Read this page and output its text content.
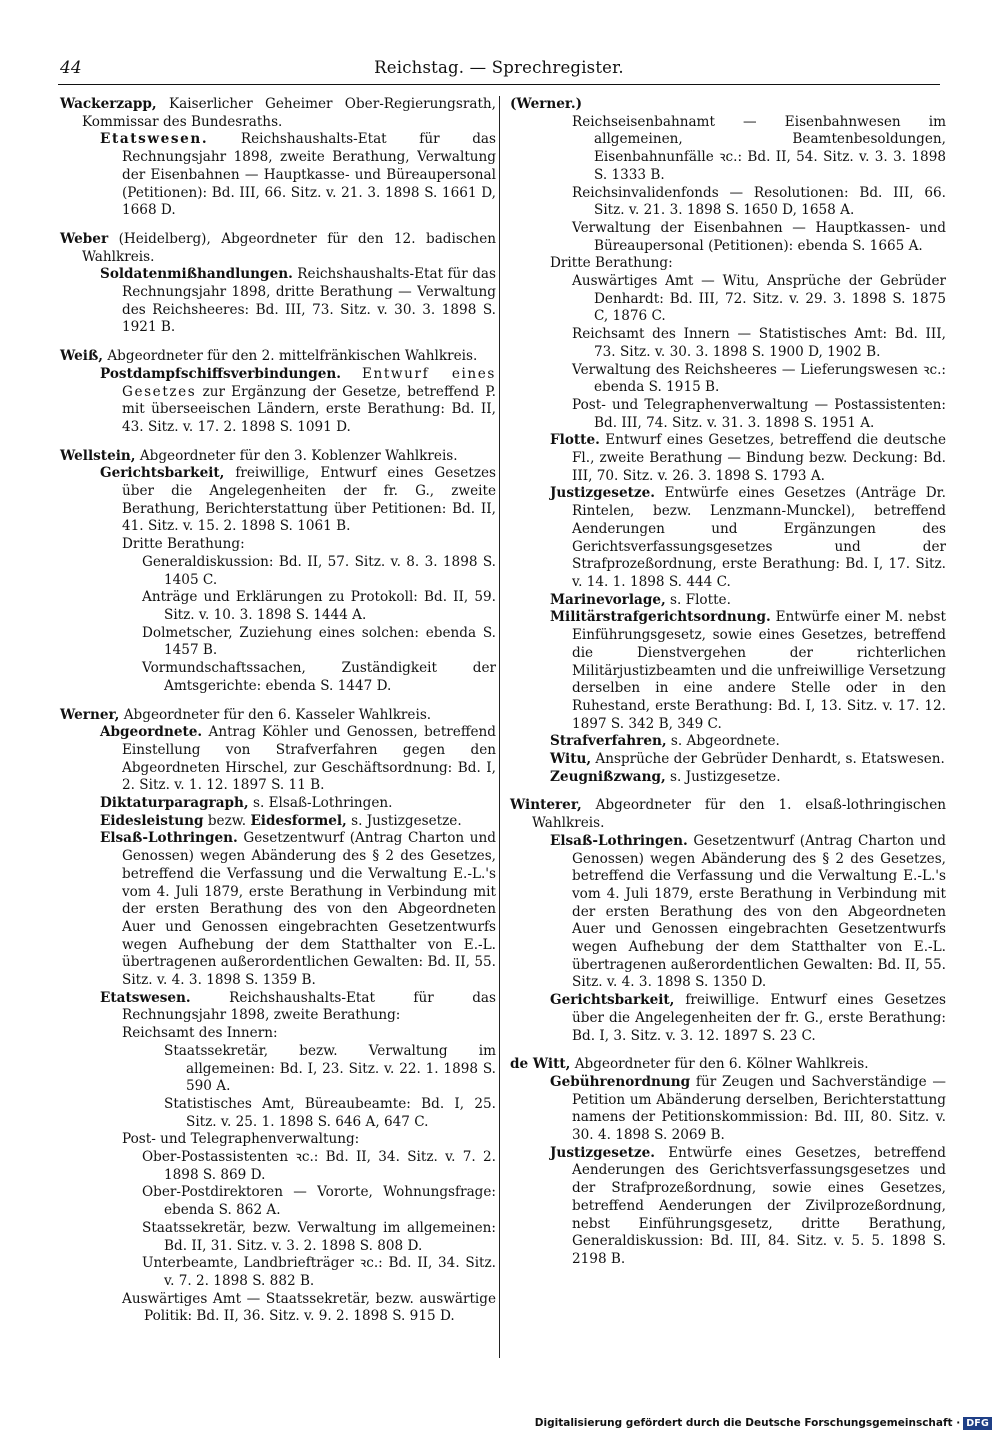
44	Reichstag. — Sprechregister.

Wackerzapp, Kaiserlicher Geheimer Ober-Regierungsrath, Kommissar des Bundesraths.

Etatswesen. Reichshaushalts-Etat für das Rechnungsjahr 1898, zweite Berathung, Verwaltung der Eisenbahnen — Hauptkasse- und Büreaupersonal (Petitionen): Bd. III, 66. Sitz. v. 21. 3. 1898 S. 1661 D, 1668 D.

Weber (Heidelberg), Abgeordneter für den 12. badischen Wahlkreis.

Soldatenmißhandlungen. Reichshaushalts-Etat für das Rechnungsjahr 1898, dritte Berathung — Verwaltung des Reichsheeres: Bd. III, 73. Sitz. v. 30. 3. 1898 S. 1921 B.

Weiß, Abgeordneter für den 2. mittelfränkischen Wahlkreis.

Postdampfschiffsverbindungen. Entwurf eines Gesetzes zur Ergänzung der Gesetze, betreffend P. mit überseeischen Ländern, erste Berathung: Bd. II, 43. Sitz. v. 17. 2. 1898 S. 1091 D.

Wellstein, Abgeordneter für den 3. Koblenzer Wahlkreis.

Gerichtsbarkeit, freiwillige, Entwurf eines Gesetzes über die Angelegenheiten der fr. G., zweite Berathung, Berichterstattung über Petitionen: Bd. II, 41. Sitz. v. 15. 2. 1898 S. 1061 B.

Dritte Berathung:

Generaldiskussion: Bd. II, 57. Sitz. v. 8. 3. 1898 S. 1405 C.

Anträge und Erklärungen zu Protokoll: Bd. II, 59. Sitz. v. 10. 3. 1898 S. 1444 A.

Dolmetscher, Zuziehung eines solchen: ebenda S. 1457 B.

Vormundschaftssachen, Zuständigkeit der Amtsgerichte: ebenda S. 1447 D.

Werner, Abgeordneter für den 6. Kasseler Wahlkreis.

Abgeordnete. Antrag Köhler und Genossen, betreffend Einstellung von Strafverfahren gegen den Abgeordneten Hirschel, zur Geschäftsordnung: Bd. I, 2. Sitz. v. 1. 12. 1897 S. 11 B.

Diktaturparagraph, s. Elsaß-Lothringen.

Eidesleistung bezw. Eidesformel, s. Justizgesetze.

Elsaß-Lothringen. Gesetzentwurf (Antrag Charton und Genossen) wegen Abänderung des § 2 des Gesetzes, betreffend die Verfassung und die Verwaltung E.-L.'s vom 4. Juli 1879, erste Berathung in Verbindung mit der ersten Berathung des von den Abgeordneten Auer und Genossen eingebrachten Gesetzentwurfs wegen Aufhebung der dem Statthalter von E.-L. übertragenen außerordentlichen Gewalten: Bd. II, 55. Sitz. v. 4. 3. 1898 S. 1359 B.

Etatswesen.	Reichshaushalts-Etat für das Rechnungsjahr 1898, zweite Berathung:

Reichsamt des Innern:

Staatssekretär, bezw. Verwaltung im allgemeinen: Bd. I, 23. Sitz. v. 22. 1. 1898 S. 590 A.

Statistisches Amt, Büreaubeamte: Bd. I, 25. Sitz. v. 25. 1. 1898 S. 646 A, 647 C.

Post- und Telegraphenverwaltung:

Ober-Postassistenten ꝛc.: Bd. II, 34. Sitz. v. 7. 2. 1898 S. 869 D.

Ober-Postdirektoren — Vororte, Wohnungsfrage: ebenda S. 862 A.

Staatssekretär, bezw. Verwaltung im allgemeinen: Bd. II, 31. Sitz. v. 3. 2. 1898 S. 808 D.

Unterbeamte, Landbriefträger ꝛc.: Bd. II, 34. Sitz. v. 7. 2. 1898 S. 882 B.

Auswärtiges Amt — Staatssekretär, bezw. auswärtige Politik: Bd. II, 36. Sitz. v. 9. 2. 1898 S. 915 D.

(Werner.)

Reichseisenbahnamt — Eisenbahnwesen im allgemeinen, Beamtenbesoldungen, Eisenbahnunfälle ꝛc.: Bd. II, 54. Sitz. v. 3. 3. 1898 S. 1333 B.

Reichsinvalidenfonds — Resolutionen: Bd. III, 66. Sitz. v. 21. 3. 1898 S. 1650 D, 1658 A.

Verwaltung der Eisenbahnen — Hauptkassen- und Büreaupersonal (Petitionen): ebenda S. 1665 A.

Dritte Berathung:

Auswärtiges Amt — Witu, Ansprüche der Gebrüder Denhardt: Bd. III, 72. Sitz. v. 29. 3. 1898 S. 1875 C, 1876 C.

Reichsamt des Innern — Statistisches Amt: Bd. III, 73. Sitz. v. 30. 3. 1898 S. 1900 D, 1902 B.

Verwaltung des Reichsheeres — Lieferungswesen ꝛc.: ebenda S. 1915 B.

Post- und Telegraphenverwaltung — Postassistenten: Bd. III, 74. Sitz. v. 31. 3. 1898 S. 1951 A.

Flotte. Entwurf eines Gesetzes, betreffend die deutsche Fl., zweite Berathung — Bindung bezw. Deckung: Bd. III, 70. Sitz. v. 26. 3. 1898 S. 1793 A.

Justizgesetze. Entwürfe eines Gesetzes (Anträge Dr. Rintelen, bezw. Lenzmann-Munckel), betreffend Aenderungen und Ergänzungen des Gerichtsverfassungsgesetzes und der Strafprozeßordnung, erste Berathung: Bd. I, 17. Sitz. v. 14. 1. 1898 S. 444 C.

Marinevorlage, s. Flotte.

Militärstrafgerichtsordnung. Entwürfe einer M. nebst Einführungsgesetz, sowie eines Gesetzes, betreffend die Dienstvergehen der richterlichen Militärjustizbeamten und die unfreiwillige Versetzung derselben in eine andere Stelle oder in den Ruhestand, erste Berathung: Bd. I, 13. Sitz. v. 17. 12. 1897 S. 342 B, 349 C.

Strafverfahren, s. Abgeordnete.

Witu, Ansprüche der Gebrüder Denhardt, s. Etatswesen.

Zeugnißzwang, s. Justizgesetze.

Winterer, Abgeordneter für den 1. elsaß-lothringischen Wahlkreis.

Elsaß-Lothringen. Gesetzentwurf (Antrag Charton und Genossen) wegen Abänderung des § 2 des Gesetzes, betreffend die Verfassung und die Verwaltung E.-L.'s vom 4. Juli 1879, erste Berathung in Verbindung mit der ersten Berathung des von den Abgeordneten Auer und Genossen eingebrachten Gesetzentwurfs wegen Aufhebung der dem Statthalter von E.-L. übertragenen außerordentlichen Gewalten: Bd. II, 55. Sitz. v. 4. 3. 1898 S. 1350 D.

Gerichtsbarkeit, freiwillige. Entwurf eines Gesetzes über die Angelegenheiten der fr. G., erste Berathung: Bd. I, 3. Sitz. v. 3. 12. 1897 S. 23 C.

de Witt, Abgeordneter für den 6. Kölner Wahlkreis.

Gebührenordnung für Zeugen und Sachverständige — Petition um Abänderung derselben, Berichterstattung namens der Petitionskommission: Bd. III, 80. Sitz. v. 30. 4. 1898 S. 2069 B.

Justizgesetze. Entwürfe eines Gesetzes, betreffend Aenderungen des Gerichtsverfassungsgesetzes und der Strafprozeßordnung, sowie eines Gesetzes, betreffend Aenderungen der Zivilprozeßordnung, nebst Einführungsgesetz, dritte Berathung, Generaldiskussion: Bd. III, 84. Sitz. v. 5. 5. 1898 S. 2198 B.

Digitalisierung gefördert durch die Deutsche Forschungsgemeinschaft · DFG
